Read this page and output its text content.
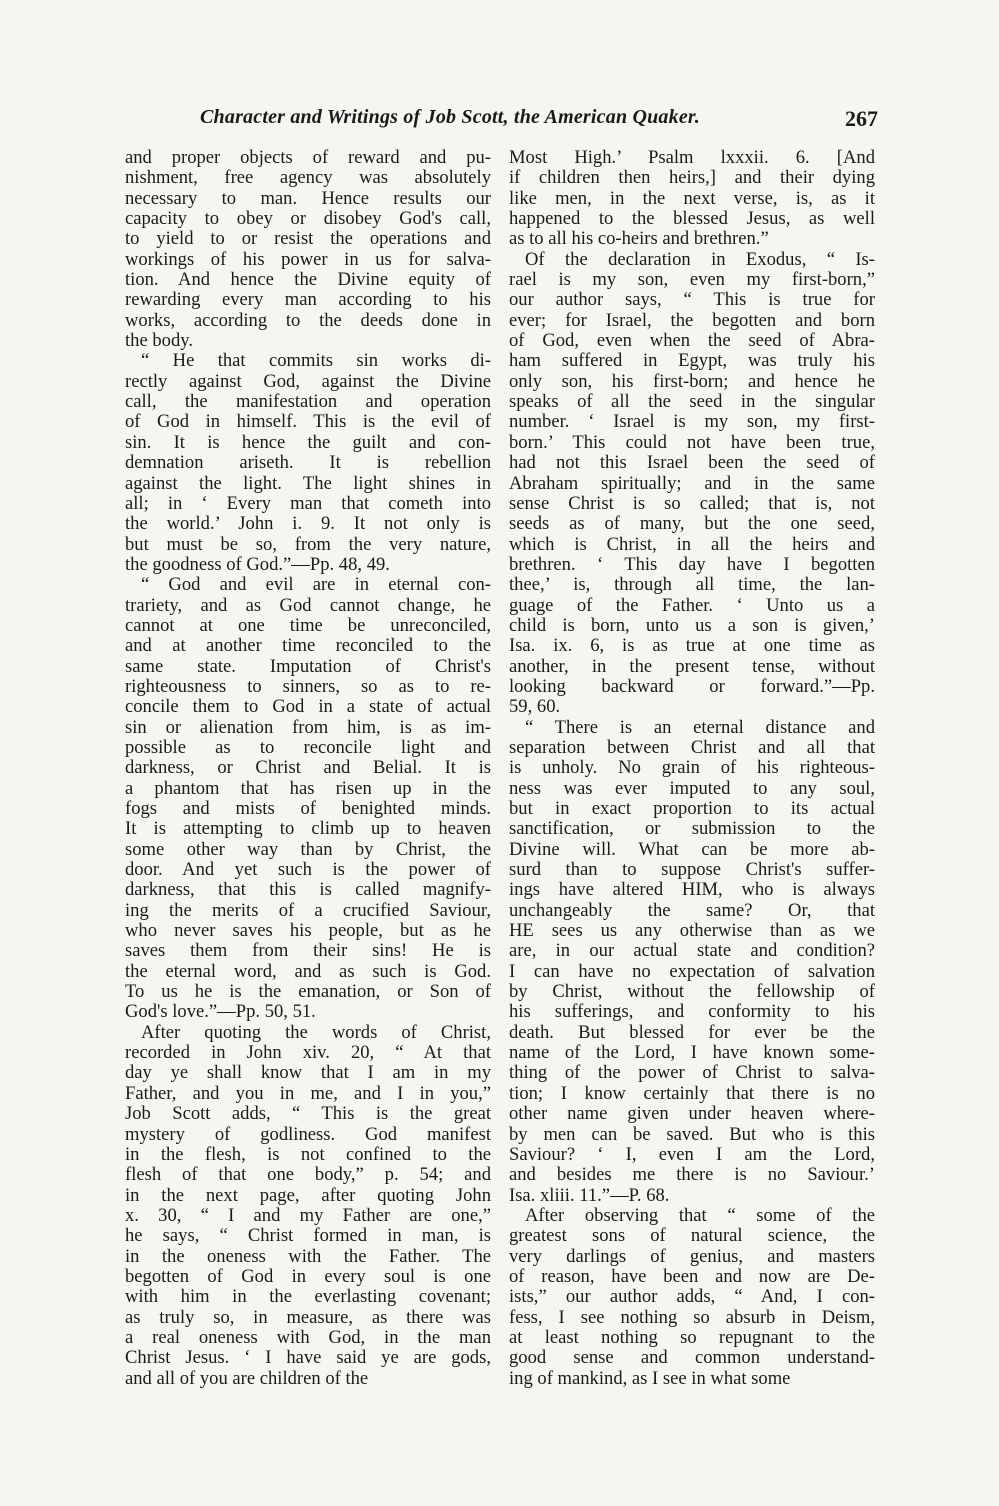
Character and Writings of Job Scott, the American Quaker.	267

and proper objects of reward and pu-
nishment, free agency was absolutely
necessary to man. Hence results our
capacity to obey or disobey God's call,
to yield to or resist the operations and
workings of his power in us for salva-
tion. And hence the Divine equity of
rewarding every man according to his
works, according to the deeds done in
the body.

“ He that commits sin works di-
rectly against God, against the Divine
call, the manifestation and operation
of God in himself. This is the evil of
sin. It is hence the guilt and con-
demnation ariseth. It is rebellion
against the light. The light shines in
all; in ‘ Every man that cometh into
the world.’ John i. 9. It not only is
but must be so, from the very nature,
the goodness of God.”—Pp. 48, 49.

“ God and evil are in eternal con-
trariety, and as God cannot change, he
cannot at one time be unreconciled,
and at another time reconciled to the
same state. Imputation of Christ's
righteousness to sinners, so as to re-
concile them to God in a state of actual
sin or alienation from him, is as im-
possible as to reconcile light and
darkness, or Christ and Belial. It is
a phantom that has risen up in the
fogs and mists of benighted minds.
It is attempting to climb up to heaven
some other way than by Christ, the
door. And yet such is the power of
darkness, that this is called magnify-
ing the merits of a crucified Saviour,
who never saves his people, but as he
saves them from their sins! He is
the eternal word, and as such is God.
To us he is the emanation, or Son of
God's love.”—Pp. 50, 51.

After quoting the words of Christ,
recorded in John xiv. 20, “ At that
day ye shall know that I am in my
Father, and you in me, and I in you,”
Job Scott adds, “ This is the great
mystery of godliness. God manifest
in the flesh, is not confined to the
flesh of that one body,” p. 54; and
in the next page, after quoting John
x. 30, “ I and my Father are one,”
he says, “ Christ formed in man, is
in the oneness with the Father. The
begotten of God in every soul is one
with him in the everlasting covenant;
as truly so, in measure, as there was
a real oneness with God, in the man
Christ Jesus. ‘ I have said ye are gods,
and all of you are children of the

Most High.’ Psalm lxxxii. 6. [And
if children then heirs,] and their dying
like men, in the next verse, is, as it
happened to the blessed Jesus, as well
as to all his co-heirs and brethren.”

Of the declaration in Exodus, “ Is-
rael is my son, even my first-born,”
our author says, “ This is true for
ever; for Israel, the begotten and born
of God, even when the seed of Abra-
ham suffered in Egypt, was truly his
only son, his first-born; and hence he
speaks of all the seed in the singular
number. ‘ Israel is my son, my first-
born.’ This could not have been true,
had not this Israel been the seed of
Abraham spiritually; and in the same
sense Christ is so called; that is, not
seeds as of many, but the one seed,
which is Christ, in all the heirs and
brethren. ‘ This day have I begotten
thee,’ is, through all time, the lan-
guage of the Father. ‘ Unto us a
child is born, unto us a son is given,’
Isa. ix. 6, is as true at one time as
another, in the present tense, without
looking backward or forward.”—Pp.
59, 60.

“ There is an eternal distance and
separation between Christ and all that
is unholy. No grain of his righteous-
ness was ever imputed to any soul,
but in exact proportion to its actual
sanctification, or submission to the
Divine will. What can be more ab-
surd than to suppose Christ's suffer-
ings have altered HIM, who is always
unchangeably the same? Or, that
HE sees us any otherwise than as we
are, in our actual state and condition?
I can have no expectation of salvation
by Christ, without the fellowship of
his sufferings, and conformity to his
death. But blessed for ever be the
name of the Lord, I have known some-
thing of the power of Christ to salva-
tion; I know certainly that there is no
other name given under heaven where-
by men can be saved. But who is this
Saviour? ‘ I, even I am the Lord,
and besides me there is no Saviour.’
Isa. xliii. 11.”—P. 68.

After observing that “ some of the
greatest sons of natural science, the
very darlings of genius, and masters
of reason, have been and now are De-
ists,” our author adds, “ And, I con-
fess, I see nothing so absurb in Deism,
at least nothing so repugnant to the
good sense and common understand-
ing of mankind, as I see in what some
